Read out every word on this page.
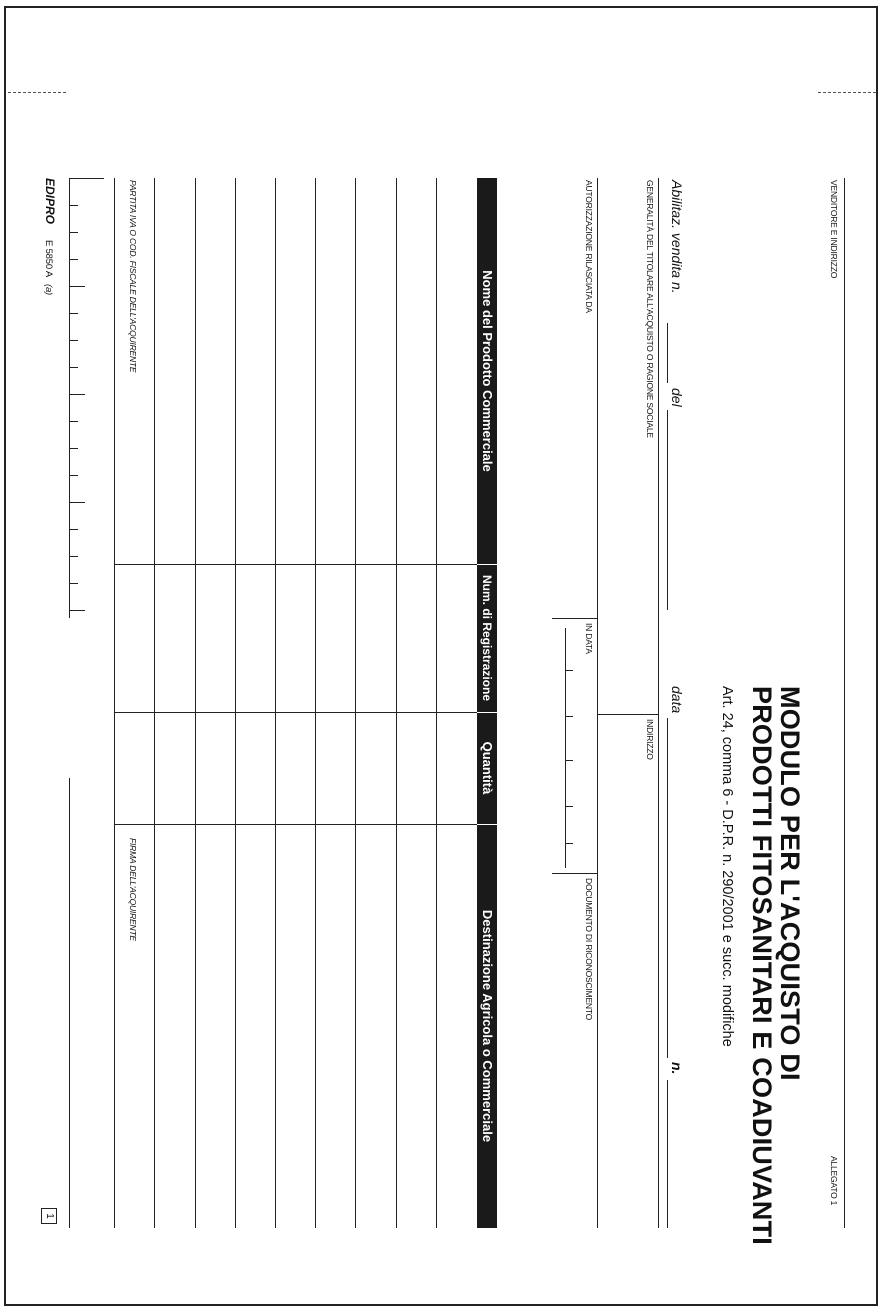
VENDITORE E INDIRIZZO
ALLEGATO 1
MODULO PER L'ACQUISTO DI
PRODOTTI FITOSANITARI E COADIUVANTI
Art. 24, comma 6 - D.P.R. n. 290/2001 e succ. modifiche
Abilitaz. vendita n.
del
data
n.
GENERALITÀ DEL TITOLARE ALL'ACQUISTO O RAGIONE SOCIALE
INDIRIZZO
AUTORIZZAZIONE RILASCIATA DA
IN DATA
DOCUMENTO DI RICONOSCIMENTO
Nome del Prodotto Commerciale
Num. di Registrazione
Quantità
Destinazione Agricola o Commerciale
PARTITA IVA O COD. FISCALE DELL'ACQUIRENTE
FIRMA DELL'ACQUIRENTE
EDIPRO
E 5850 A
(a)
1
